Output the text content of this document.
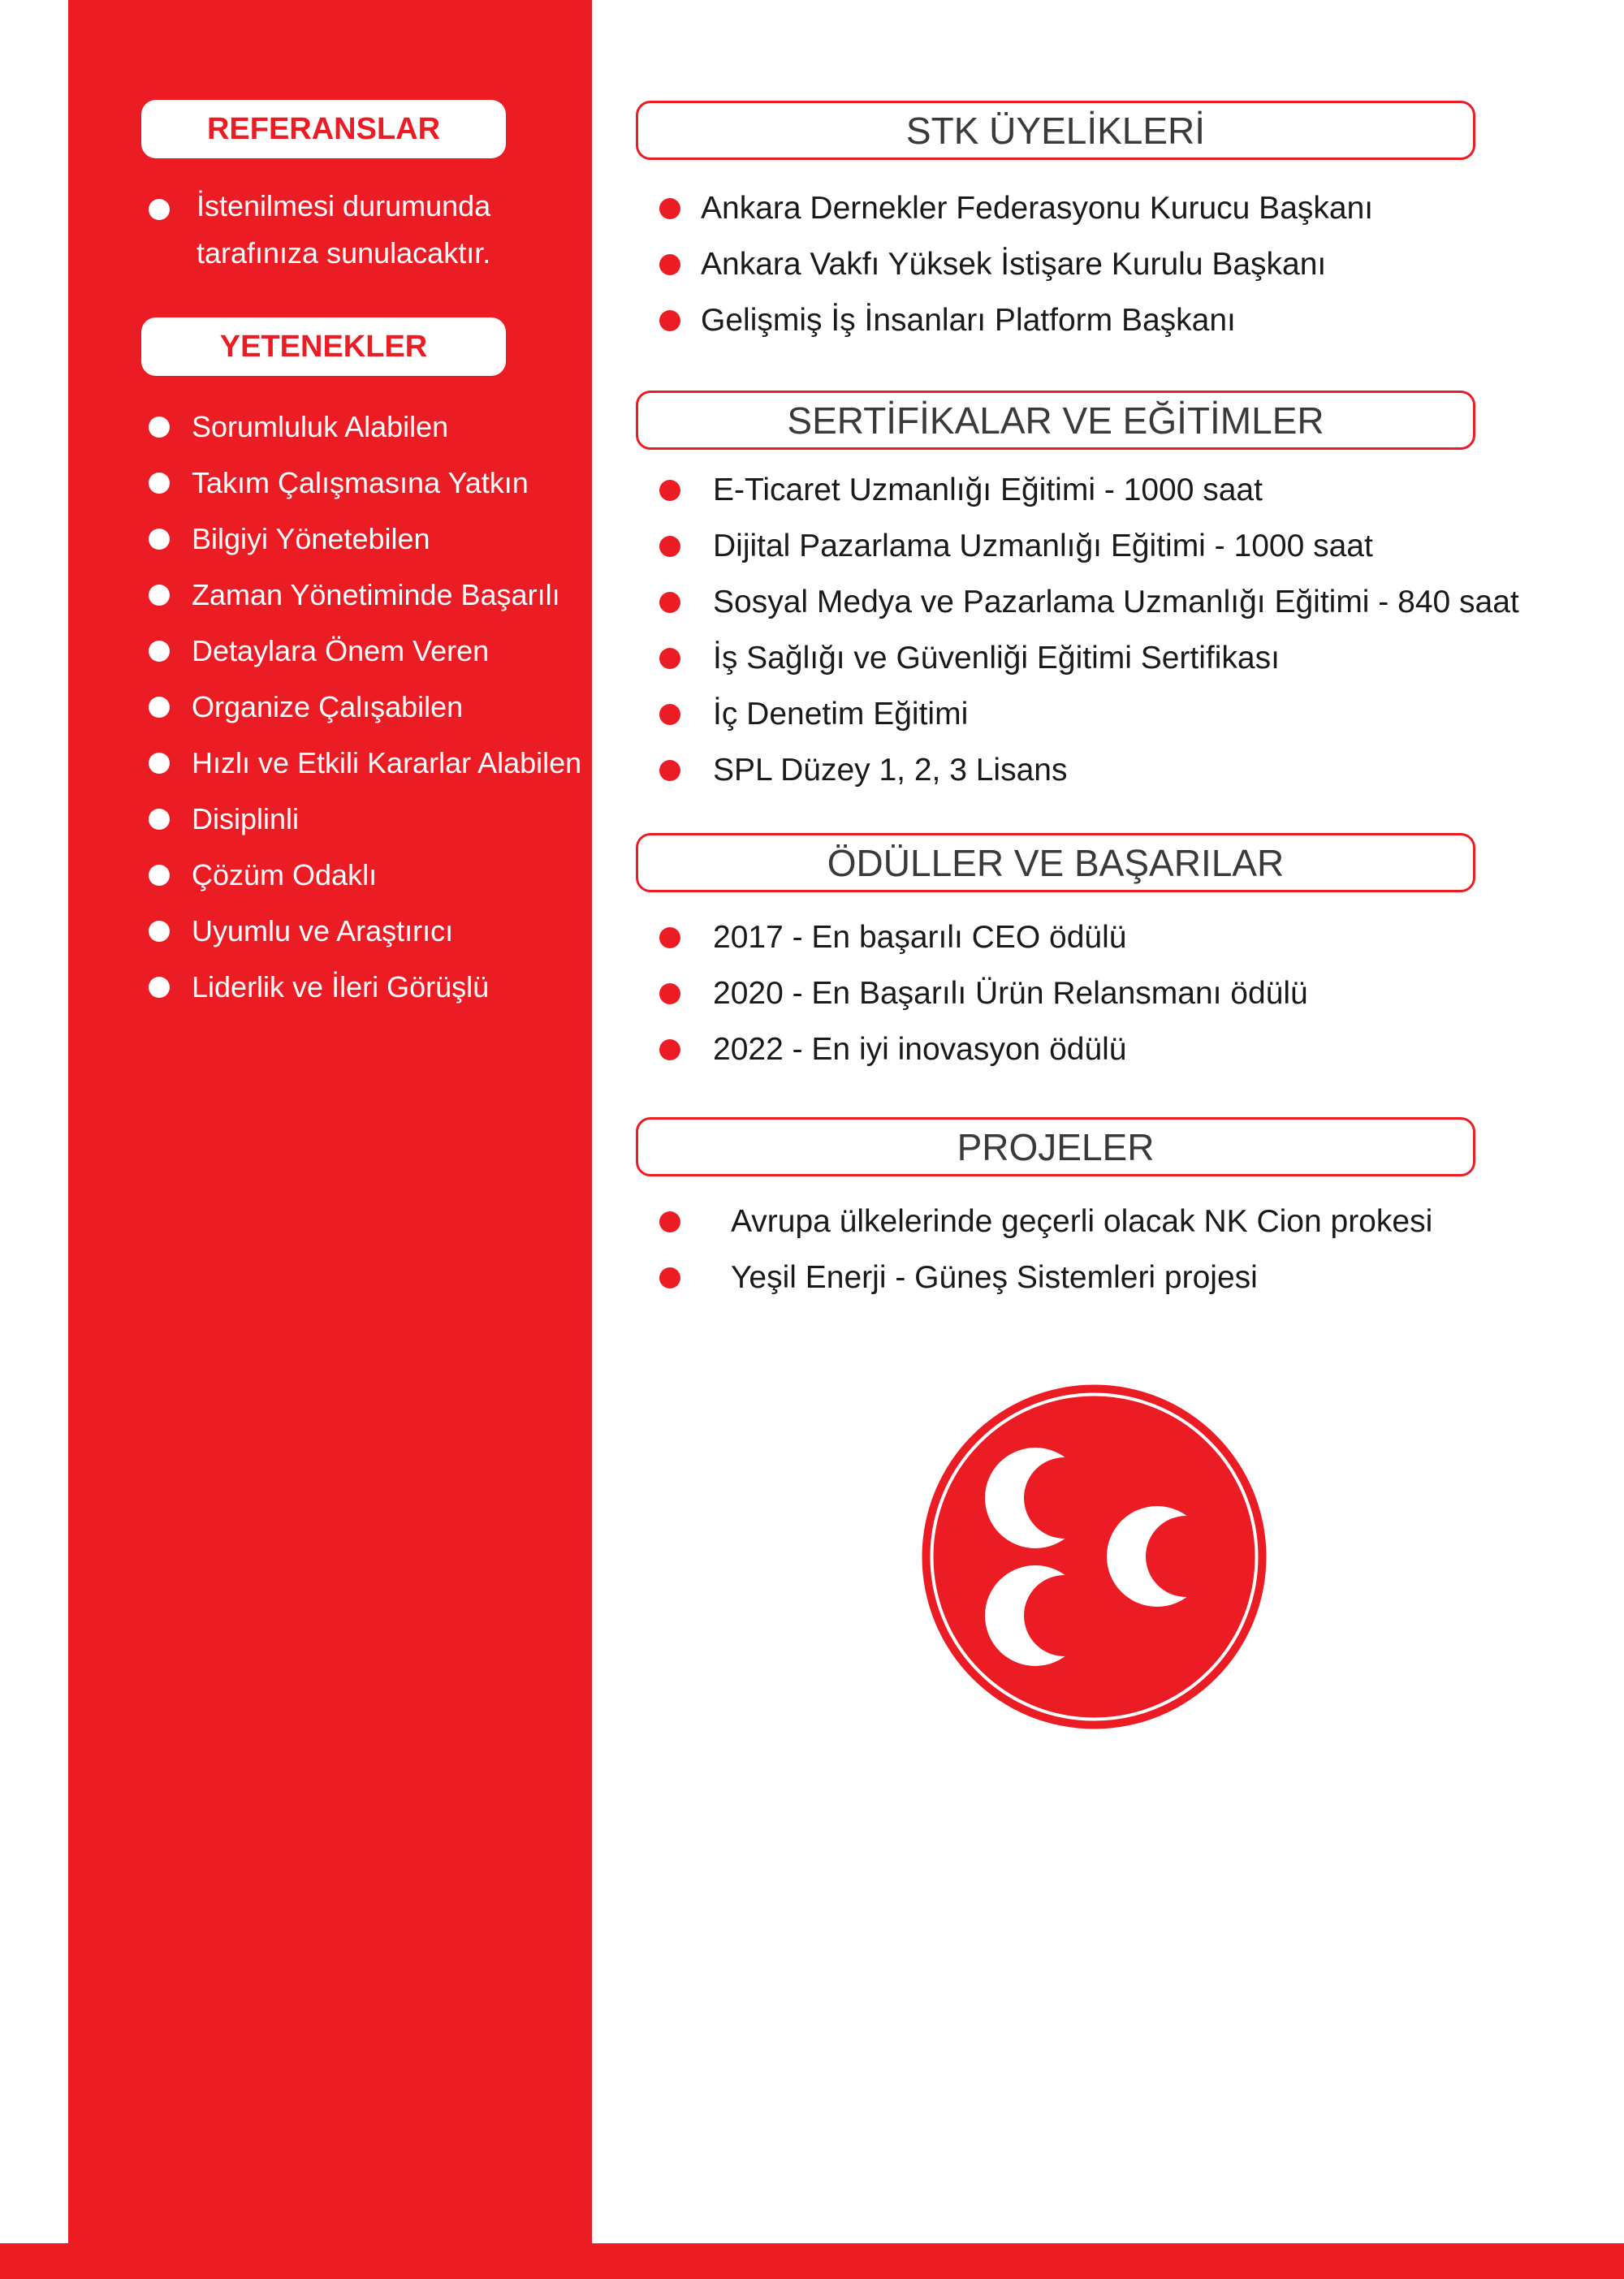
REFERANSLAR
İstenilmesi durumunda tarafınıza sunulacaktır.
YETENEKLER
Sorumluluk Alabilen
Takım Çalışmasına Yatkın
Bilgiyi Yönetebilen
Zaman Yönetiminde Başarılı
Detaylara Önem Veren
Organize Çalışabilen
Hızlı ve Etkili Kararlar Alabilen
Disiplinli
Çözüm Odaklı
Uyumlu ve Araştırıcı
Liderlik ve İleri Görüşlü
STK ÜYELİKLERİ
Ankara Dernekler Federasyonu Kurucu Başkanı
Ankara Vakfı Yüksek İstişare Kurulu Başkanı
Gelişmiş İş İnsanları Platform Başkanı
SERTİFİKALAR VE EĞİTİMLER
E-Ticaret Uzmanlığı Eğitimi - 1000 saat
Dijital Pazarlama Uzmanlığı Eğitimi - 1000 saat
Sosyal Medya ve Pazarlama Uzmanlığı Eğitimi - 840 saat
İş Sağlığı ve Güvenliği Eğitimi Sertifikası
İç Denetim Eğitimi
SPL Düzey 1, 2, 3 Lisans
ÖDÜLLER VE BAŞARILAR
2017 - En başarılı CEO ödülü
2020 - En Başarılı Ürün Relansmanı ödülü
2022 - En iyi inovasyon ödülü
PROJELER
Avrupa ülkelerinde geçerli olacak NK Cion prokesi
Yeşil Enerji - Güneş Sistemleri projesi
